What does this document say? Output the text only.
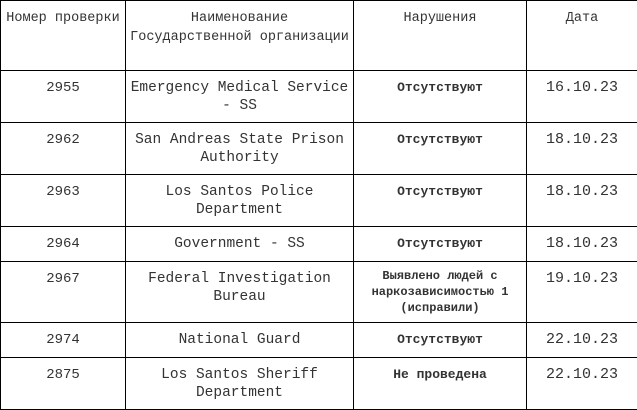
Номер проверки	Наименование Государственной организации	Нарушения	Дата
2955	Emergency Medical Service - SS	Отсутствуют	16.10.23
2962	San Andreas State Prison Authority	Отсутствуют	18.10.23
2963	Los Santos Police Department	Отсутствуют	18.10.23
2964	Government - SS	Отсутствуют	18.10.23
2967	Federal Investigation Bureau	Выявлено людей с наркозависимостью 1 (исправили)	19.10.23
2974	National Guard	Отсутствуют	22.10.23
2875	Los Santos Sheriff Department	Не проведена	22.10.23
